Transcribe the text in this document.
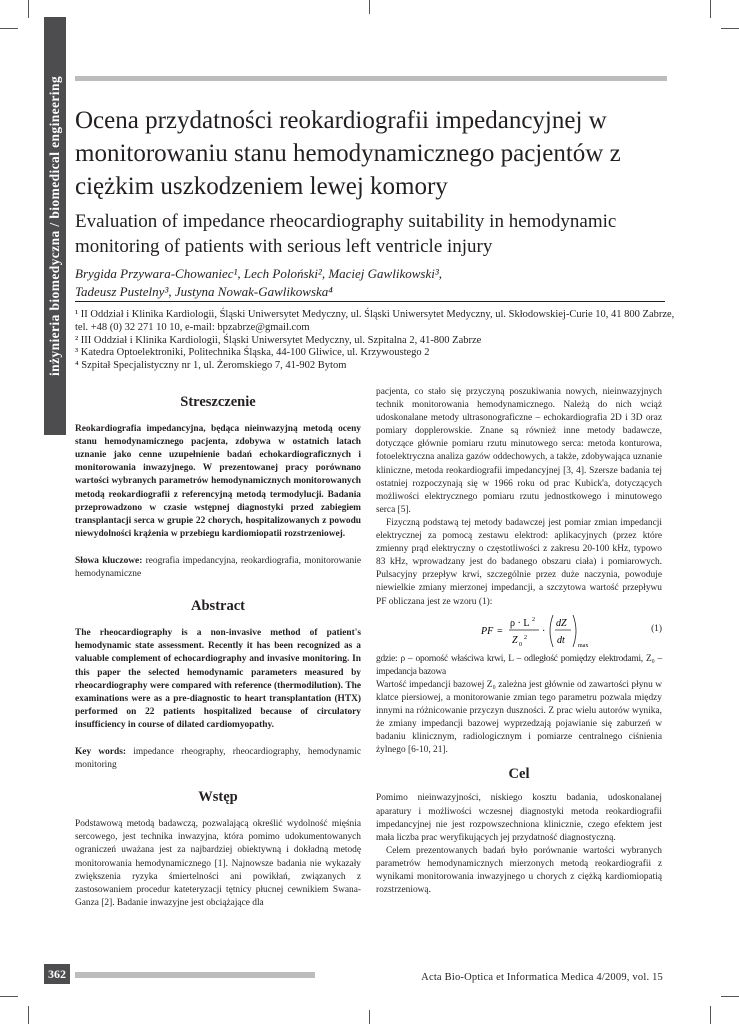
inżynieria biomedyczna / biomedical engineering Ocena przydatności reokardiografii impedancyjnej w monitorowaniu stanu hemodynamicznego pacjentów z ciężkim uszkodzeniem lewej komory
Evaluation of impedance rheocardiography suitability in hemodynamic monitoring of patients with serious left ventricle injury
Brygida Przywara-Chowaniec¹, Lech Poloński², Maciej Gawlikowski³,
Tadeusz Pustelny³, Justyna Nowak-Gawlikowska⁴
¹ II Oddział i Klinika Kardiologii, Śląski Uniwersytet Medyczny, ul. Śląski Uniwersytet Medyczny, ul. Skłodowskiej-Curie 10, 41 800 Zabrze, tel. +48 (0) 32 271 10 10, e-mail: bpzabrze@gmail.com
² III Oddział i Klinika Kardiologii, Śląski Uniwersytet Medyczny, ul. Szpitalna 2, 41-800 Zabrze
³ Katedra Optoelektroniki, Politechnika Śląska, 44-100 Gliwice, ul. Krzywoustego 2
⁴ Szpitał Specjalistyczny nr 1, ul. Żeromskiego 7, 41-902 Bytom

Streszczenie

Reokardiografia impedancyjna, będąca nieinwazyjną metodą oceny stanu hemodynamicznego pacjenta, zdobywa w ostatnich latach uznanie jako cenne uzupełnienie badań echokardiograficznych i monitorowania inwazyjnego. W prezentowanej pracy porównano wartości wybranych parametrów hemodynamicznych monitorowanych metodą reokardiografii z referencyjną metodą termodylucji. Badania przeprowadzono w czasie wstępnej diagnostyki przed zabiegiem transplantacji serca w grupie 22 chorych, hospitalizowanych z powodu niewydolności krążenia w przebiegu kardiomiopatii rozstrzeniowej.

Słowa kluczowe: reografia impedancyjna, reokardiografia, monitorowanie hemodynamiczne

Abstract

The rheocardiography is a non-invasive method of patient's hemodynamic state assessment. Recently it has been recognized as a valuable complement of echocardiography and invasive monitoring. In this paper the selected hemodynamic parameters measured by rheocardiography were compared with reference (thermodilution). The examinations were as a pre-diagnostic to heart transplantation (HTX) performed on 22 patients hospitalized because of circulatory insufficiency in course of dilated cardiomyopathy.

Key words: impedance rheography, rheocardiography, hemodynamic monitoring

Wstęp

Podstawową metodą badawczą, pozwalającą określić wydolność mięśnia sercowego, jest technika inwazyjna, która pomimo udokumentowanych ograniczeń uważana jest za najbardziej obiektywną i dokładną metodę monitorowania hemodynamicznego [1]. Najnowsze badania nie wykazały zwiększenia ryzyka śmiertelności ani powikłań, związanych z zastosowaniem procedur kateteryzacji tętnicy płucnej cewnikiem Swana-Ganza [2]. Badanie inwazyjne jest obciążające dla

pacjenta, co stało się przyczyną poszukiwania nowych, nieinwazyjnych technik monitorowania hemodynamicznego. Należą do nich wciąż udoskonalane metody ultrasonograficzne – echokardiografia 2D i 3D oraz pomiary dopplerowskie. Znane są również inne metody badawcze, dotyczące głównie pomiaru rzutu minutowego serca: metoda konturowa, fotoelektryczna analiza gazów oddechowych, a także, zdobywająca uznanie kliniczne, metoda reokardiografii impedancyjnej [3, 4]. Szersze badania tej ostatniej rozpoczynają się w 1966 roku od prac Kubick'a, dotyczących możliwości elektrycznego pomiaru rzutu jednostkowego i minutowego serca [5].

Fizyczną podstawą tej metody badawczej jest pomiar zmian impedancji elektrycznej za pomocą zestawu elektrod: aplikacyjnych (przez które zmienny prąd elektryczny o częstotliwości z zakresu 20-100 kHz, typowo 83 kHz, wprowadzany jest do badanego obszaru ciała) i pomiarowych. Pulsacyjny przepływ krwi, szczególnie przez duże naczynia, powoduje niewielkie zmiany mierzonej impedancji, a szczytowa wartość przepływu PF obliczana jest ze wzoru (1):

PF =
ρ · L 2
Z 0
2
·
dZ
dt max
(1)

gdzie: ρ – oporność właściwa krwi, L – odległość pomiędzy elektrodami, Z₀ – impedancja bazowa

Wartość impedancji bazowej Z₀ zależna jest głównie od zawartości płynu w klatce piersiowej, a monitorowanie zmian tego parametru pozwala między innymi na różnicowanie przyczyn duszności. Z prac wielu autorów wynika, że zmiany impedancji bazowej wyprzedzają pojawianie się zaburzeń w badaniu klinicznym, radiologicznym i pomiarze centralnego ciśnienia żylnego [6-10, 21].

Cel

Pomimo nieinwazyjności, niskiego kosztu badania, udoskonalanej aparatury i możliwości wczesnej diagnostyki metoda reokardiografii impedancyjnej nie jest rozpowszechniona klinicznie, czego efektem jest mała liczba prac weryfikujących jej przydatność diagnostyczną.

Celem prezentowanych badań było porównanie wartości wybranych parametrów hemodynamicznych mierzonych metodą reokardiografii z wynikami monitorowania inwazyjnego u chorych z ciężką kardiomiopatią rozstrzeniową.

362	Acta Bio-Optica et Informatica Medica 4/2009, vol. 15
